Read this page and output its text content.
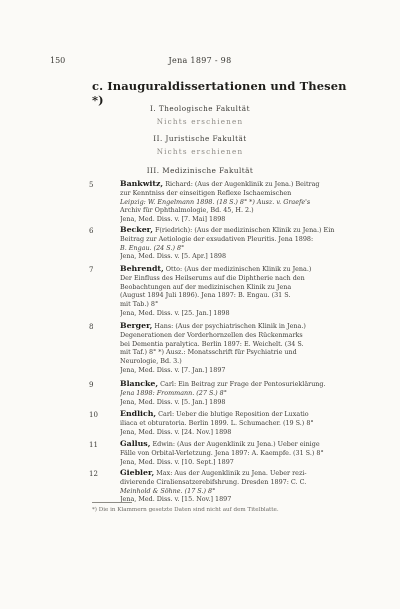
150	Jena 1897 - 98
c. Inauguraldissertationen und Thesen *)
I. Theologische Fakultät
Nichts erschienen
II. Juristische Fakultät
Nichts erschienen
III. Medizinische Fakultät
5	Bankwitz, Richard: (Aus der Augenklinik zu Jena.) Beitrag
zur Kenntniss der einseitigen Reflexe Ischaemischen
Leipzig: W. Engelmann 1898. (18 S.) 8° *) Ausz. v. Graefe's
Archiv für Ophthalmologie, Bd. 45, H. 2.)
Jena, Med. Diss. v. [7. Mai] 1898
6	Becker, F(riedrich): (Aus der medizinischen Klinik zu Jena.) Ein
Beitrag zur Aetiologie der exsudativen Pleuritis. Jena 1898:
B. Engau. (24 S.) 8°
Jena, Med. Diss. v. [5. Apr.] 1898
7	Behrendt, Otto: (Aus der medizinischen Klinik zu Jena.)
Der Einfluss des Heilserums auf die Diphtherie nach den
Beobachtungen auf der medizinischen Klinik zu Jena
(August 1894 Juli 1896). Jena 1897: B. Engau. (31 S.
mit Tab.) 8°
Jena, Med. Diss. v. [25. Jan.] 1898
8	Berger, Hans: (Aus der psychiatrischen Klinik in Jena.)
Degenerationen der Vorderhornzellen des Rückenmarks
bei Dementia paralytica. Berlin 1897: E. Weichelt. (34 S.
mit Taf.) 8° *) Ausz.: Monatsschrift für Psychiatrie und
Neurologie, Bd. 3.)
Jena, Med. Diss. v. [7. Jan.] 1897
9	Blancke, Carl: Ein Beitrag zur Frage der Pentosurieklärung.
Jena 1898: Frommann. (27 S.) 8°
Jena, Med. Diss. v. [5. Jan.] 1898
10	Endlich, Carl: Ueber die blutige Reposition der Luxatio
iliaca et obturatoria. Berlin 1899. L. Schumacher. (19 S.) 8°
Jena, Med. Diss. v. [24. Nov.] 1898
11	Gallus, Edwin: (Aus der Augenklinik zu Jena.) Ueber einige
Fälle von Orbital-Verletzung. Jena 1897: A. Kaempfe. (31 S.) 8°
Jena, Med. Diss. v. [10. Sept.] 1897
12	Giebler, Max: Aus der Augenklinik zu Jena. Ueber rezi-
divierende Ciraliensatzerebifshrung. Dresden 1897: C. C.
Meinhold & Söhne. (17 S.) 8°
Jena, Med. Diss. v. [15. Nov.] 1897
*) Die in Klammern gesetzte Daten sind nicht auf dem Titelblatte.
